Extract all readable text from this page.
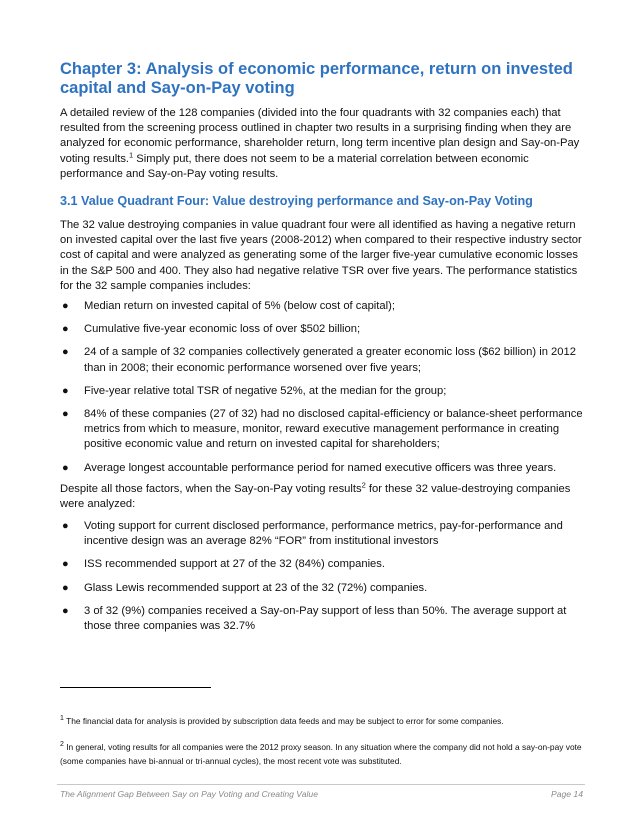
Chapter 3: Analysis of economic performance, return on invested capital and Say-on-Pay voting

A detailed review of the 128 companies (divided into the four quadrants with 32 companies each) that resulted from the screening process outlined in chapter two results in a surprising finding when they are analyzed for economic performance, shareholder return, long term incentive plan design and Say-on-Pay voting results.$^1$ Simply put, there does not seem to be a material correlation between economic performance and Say-on-Pay voting results.

3.1 Value Quadrant Four: Value destroying performance and Say-on-Pay Voting

The 32 value destroying companies in value quadrant four were all identified as having a negative return on invested capital over the last five years (2008-2012) when compared to their respective industry sector cost of capital and were analyzed as generating some of the larger five-year cumulative economic losses in the S&P 500 and 400. They also had negative relative TSR over five years. The performance statistics for the 32 sample companies includes:

● Median return on invested capital of 5% (below cost of capital);
● Cumulative five-year economic loss of over $502 billion;
● 24 of a sample of 32 companies collectively generated a greater economic loss ($62 billion) in 2012 than in 2008; their economic performance worsened over five years;
● Five-year relative total TSR of negative 52%, at the median for the group;
● 84% of these companies (27 of 32) had no disclosed capital-efficiency or balance-sheet performance metrics from which to measure, monitor, reward executive management performance in creating positive economic value and return on invested capital for shareholders;
● Average longest accountable performance period for named executive officers was three years.

Despite all those factors, when the Say-on-Pay voting results$^2$ for these 32 value-destroying companies were analyzed:

● Voting support for current disclosed performance, performance metrics, pay-for-performance and incentive design was an average 82% “FOR” from institutional investors
● ISS recommended support at 27 of the 32 (84%) companies.
● Glass Lewis recommended support at 23 of the 32 (72%) companies.
● 3 of 32 (9%) companies received a Say-on-Pay support of less than 50%. The average support at those three companies was 32.7%

$^1$ The financial data for analysis is provided by subscription data feeds and may be subject to error for some companies.

$^2$ In general, voting results for all companies were the 2012 proxy season. In any situation where the company did not hold a say-on-pay vote (some companies have bi-annual or tri-annual cycles), the most recent vote was substituted.

The Alignment Gap Between Say on Pay Voting and Creating Value	Page 14
